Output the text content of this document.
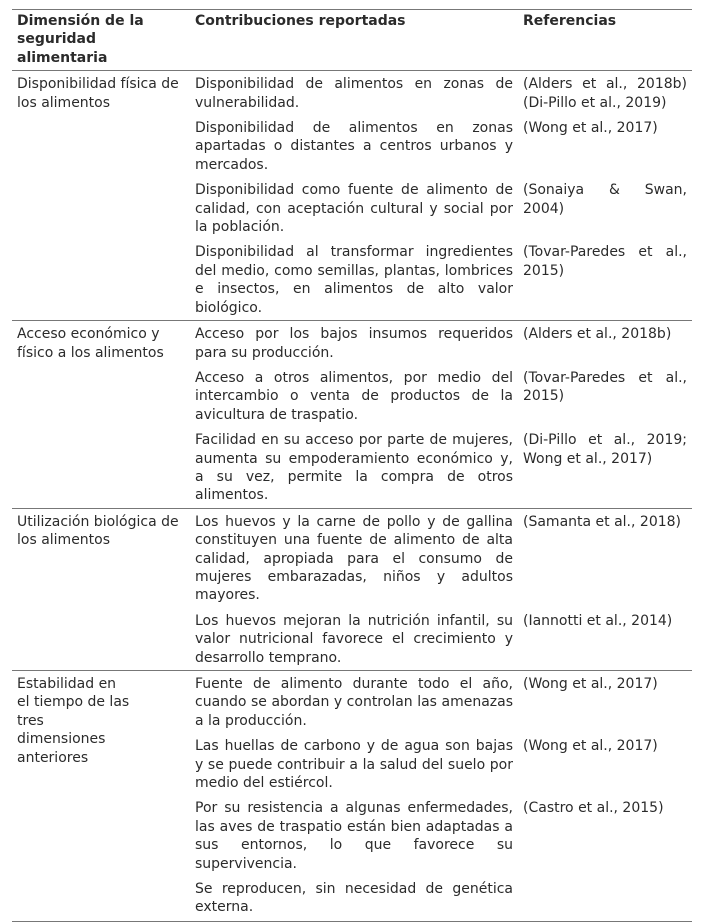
Dimensión de la seguridad alimentaria	Contribuciones reportadas	Referencias
Disponibilidad física de los alimentos	Disponibilidad de alimentos en zonas de vulnerabilidad.	(Alders et al., 2018b) (Di-Pillo et al., 2019)
	Disponibilidad de alimentos en zonas apartadas o distantes a centros urbanos y mercados.	(Wong et al., 2017)
	Disponibilidad como fuente de alimento de calidad, con aceptación cultural y social por la población.	(Sonaiya & Swan, 2004)
	Disponibilidad al transformar ingredientes del medio, como semillas, plantas, lombrices e insectos, en alimentos de alto valor biológico.	(Tovar-Paredes et al., 2015)
Acceso económico y físico a los alimentos	Acceso por los bajos insumos requeridos para su producción.	(Alders et al., 2018b)
	Acceso a otros alimentos, por medio del intercambio o venta de productos de la avicultura de traspatio.	(Tovar-Paredes et al., 2015)
	Facilidad en su acceso por parte de mujeres, aumenta su empoderamiento económico y, a su vez, permite la compra de otros alimentos.	(Di-Pillo et al., 2019; Wong et al., 2017)
Utilización biológica de los alimentos	Los huevos y la carne de pollo y de gallina constituyen una fuente de alimento de alta calidad, apropiada para el consumo de mujeres embarazadas, niños y adultos mayores.	(Samanta et al., 2018)
	Los huevos mejoran la nutrición infantil, su valor nutricional favorece el crecimiento y desarrollo temprano.	(Iannotti et al., 2014)
Estabilidad en el tiempo de las tres dimensiones anteriores	Fuente de alimento durante todo el año, cuando se abordan y controlan las amenazas a la producción.	(Wong et al., 2017)
	Las huellas de carbono y de agua son bajas y se puede contribuir a la salud del suelo por medio del estiércol.	(Wong et al., 2017)
	Por su resistencia a algunas enfermedades, las aves de traspatio están bien adaptadas a sus entornos, lo que favorece su supervivencia.	(Castro et al., 2015)
	Se reproducen, sin necesidad de genética externa.	
